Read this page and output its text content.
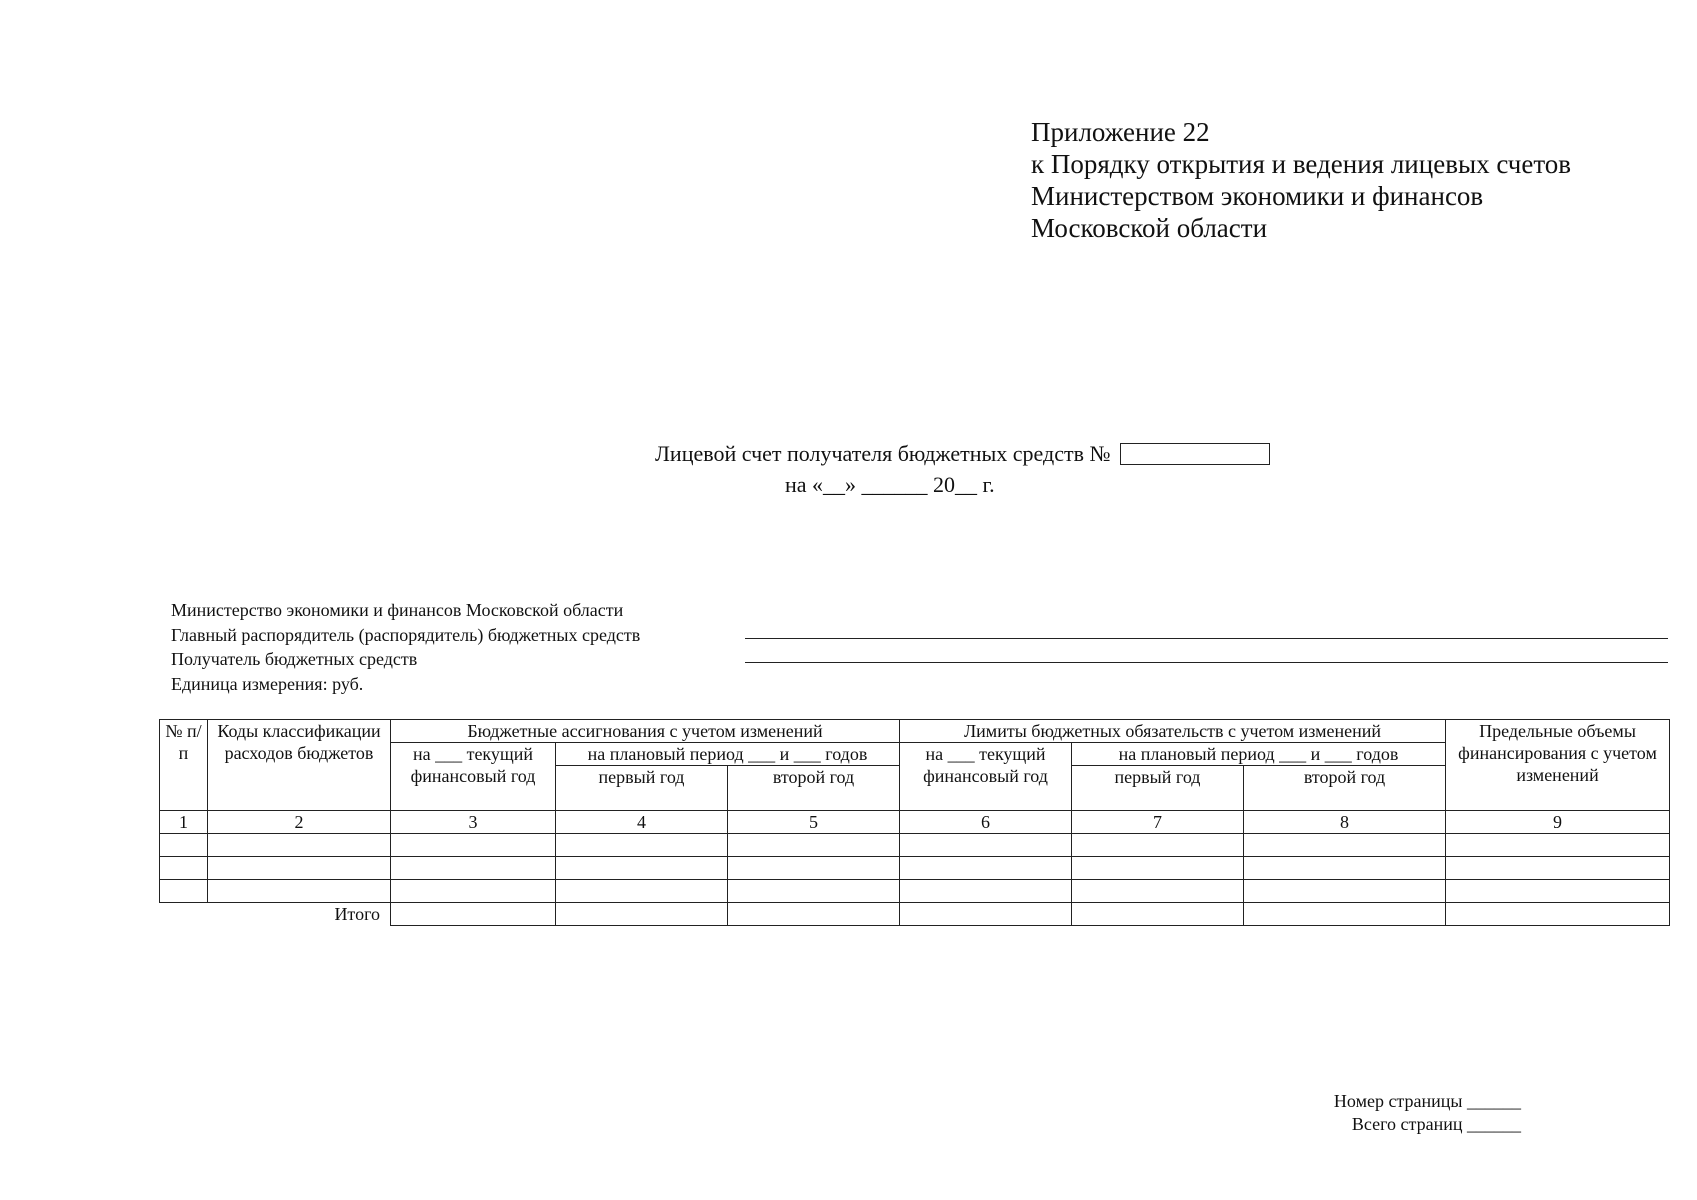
Приложение 22
к Порядку открытия и ведения лицевых счетов
Министерством экономики и финансов
Московской области
Лицевой счет получателя бюджетных средств №
на «__» ______ 20__ г.
Министерство экономики и финансов Московской области
Главный распорядитель (распорядитель) бюджетных средств
Получатель бюджетных средств
Единица измерения: руб.
№ п/п	Коды классификации расходов бюджетов	Бюджетные ассигнования с учетом изменений			Лимиты бюджетных обязательств с учетом изменений			Предельные объемы финансирования с учетом изменений
		на ___ текущий финансовый год	на плановый период ___ и ___ годов		на ___ текущий финансовый год	на плановый период ___ и ___ годов		
			первый год	второй год		первый год	второй год	
1	2	3	4	5	6	7	8	9

	Итого							
Номер страницы ______
Всего страниц ______
